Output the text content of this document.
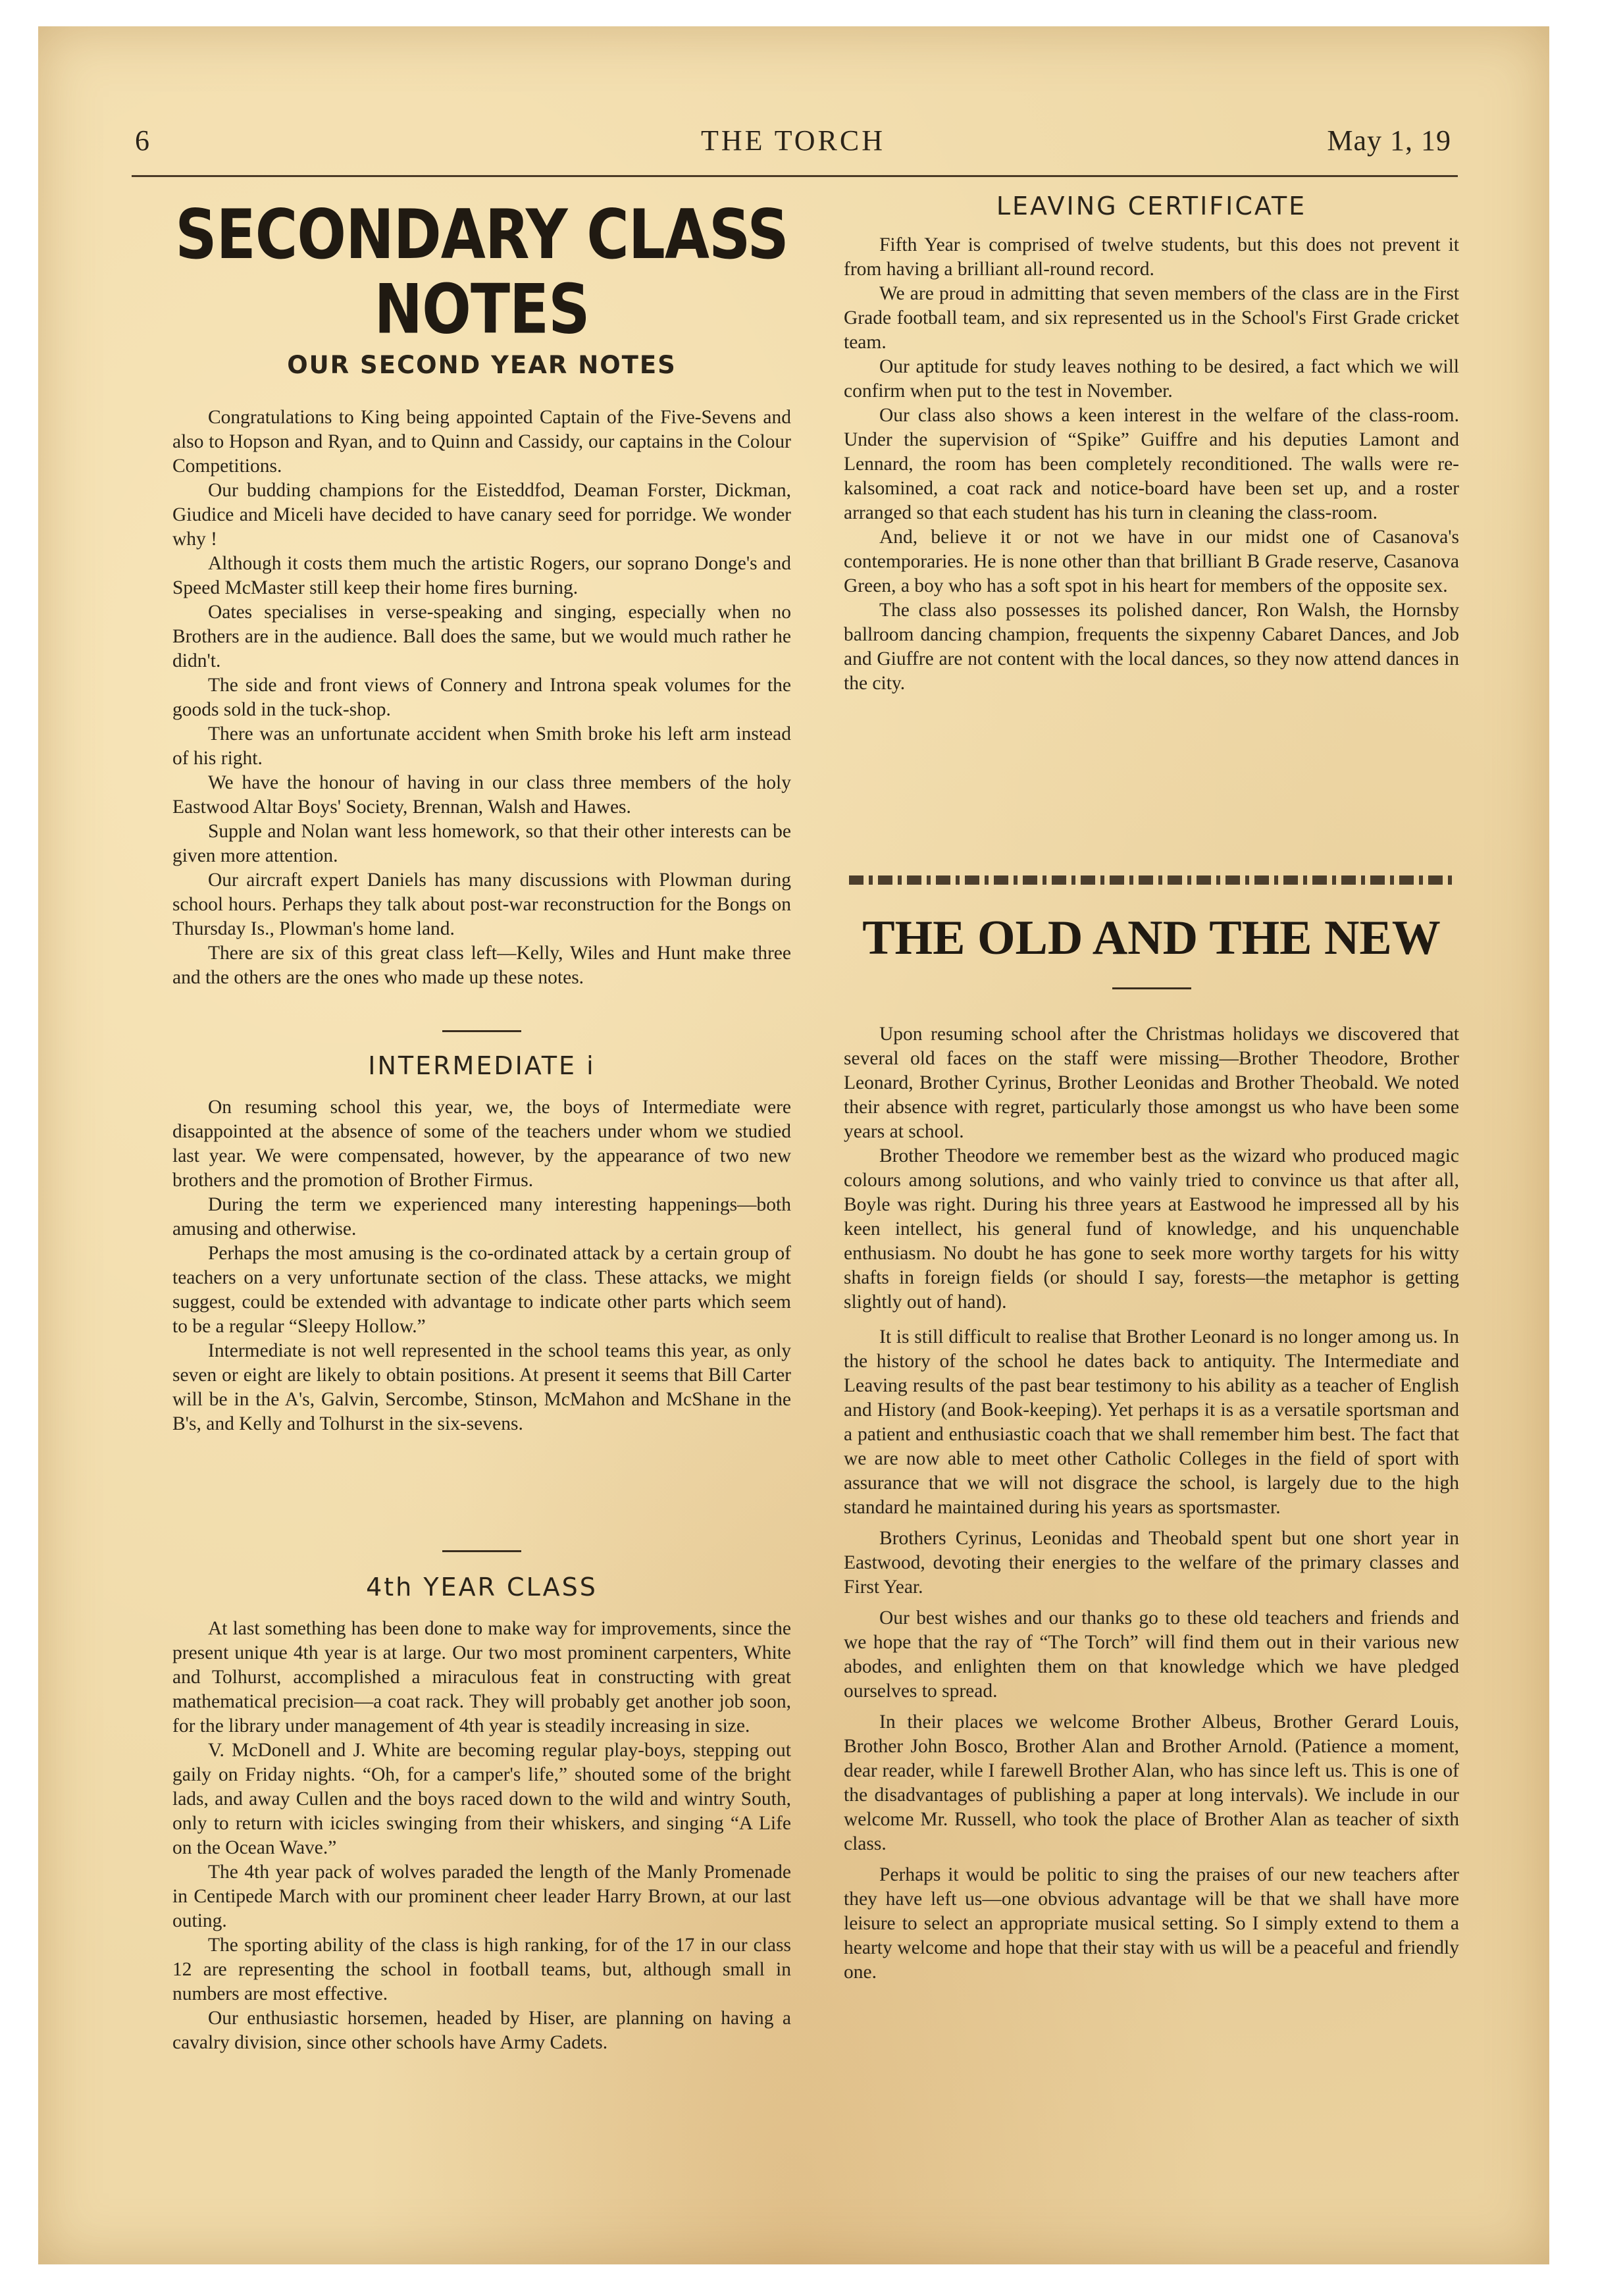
6	THE TORCH	May 1, 19
SECONDARY CLASS NOTES
OUR SECOND YEAR NOTES

Congratulations to King being appointed Captain of the Five-Sevens and also to Hopson and Ryan, and to Quinn and Cassidy, our captains in the Colour Competitions.

Our budding champions for the Eisteddfod, Deaman Forster, Dickman, Giudice and Miceli have decided to have canary seed for porridge. We wonder why !

Although it costs them much the artistic Rogers, our soprano Donge's and Speed McMaster still keep their home fires burning.

Oates specialises in verse-speaking and singing, especially when no Brothers are in the audience. Ball does the same, but we would much rather he didn't.

The side and front views of Connery and Introna speak volumes for the goods sold in the tuck-shop.

There was an unfortunate accident when Smith broke his left arm instead of his right.

We have the honour of having in our class three members of the holy Eastwood Altar Boys' Society, Brennan, Walsh and Hawes.

Supple and Nolan want less homework, so that their other interests can be given more attention.

Our aircraft expert Daniels has many discussions with Plowman during school hours. Perhaps they talk about post-war reconstruction for the Bongs on Thursday Is., Plowman's home land.

There are six of this great class left—Kelly, Wiles and Hunt make three and the others are the ones who made up these notes.

INTERMEDIATE i

On resuming school this year, we, the boys of Intermediate were disappointed at the absence of some of the teachers under whom we studied last year. We were compensated, however, by the appearance of two new brothers and the promotion of Brother Firmus.

During the term we experienced many interesting happenings—both amusing and otherwise.

Perhaps the most amusing is the co-ordinated attack by a certain group of teachers on a very unfortunate section of the class. These attacks, we might suggest, could be extended with advantage to indicate other parts which seem to be a regular “Sleepy Hollow.”

Intermediate is not well represented in the school teams this year, as only seven or eight are likely to obtain positions. At present it seems that Bill Carter will be in the A's, Galvin, Sercombe, Stinson, McMahon and McShane in the B's, and Kelly and Tolhurst in the six-sevens.

4th YEAR CLASS

At last something has been done to make way for improvements, since the present unique 4th year is at large. Our two most prominent carpenters, White and Tolhurst, accomplished a miraculous feat in constructing with great mathematical precision—a coat rack. They will probably get another job soon, for the library under management of 4th year is steadily increasing in size.

V. McDonell and J. White are becoming regular play-boys, stepping out gaily on Friday nights. “Oh, for a camper's life,” shouted some of the bright lads, and away Cullen and the boys raced down to the wild and wintry South, only to return with icicles swinging from their whiskers, and singing “A Life on the Ocean Wave.”

The 4th year pack of wolves paraded the length of the Manly Promenade in Centipede March with our prominent cheer leader Harry Brown, at our last outing.

The sporting ability of the class is high ranking, for of the 17 in our class 12 are representing the school in football teams, but, although small in numbers are most effective.

Our enthusiastic horsemen, headed by Hiser, are planning on having a cavalry division, since other schools have Army Cadets.

LEAVING CERTIFICATE

Fifth Year is comprised of twelve students, but this does not prevent it from having a brilliant all-round record.

We are proud in admitting that seven members of the class are in the First Grade football team, and six represented us in the School's First Grade cricket team.

Our aptitude for study leaves nothing to be desired, a fact which we will confirm when put to the test in November.

Our class also shows a keen interest in the welfare of the class-room. Under the supervision of “Spike” Guiffre and his deputies Lamont and Lennard, the room has been completely reconditioned. The walls were re-kalsomined, a coat rack and notice-board have been set up, and a roster arranged so that each student has his turn in cleaning the class-room.

And, believe it or not we have in our midst one of Casanova's contemporaries. He is none other than that brilliant B Grade reserve, Casanova Green, a boy who has a soft spot in his heart for members of the opposite sex.

The class also possesses its polished dancer, Ron Walsh, the Hornsby ballroom dancing champion, frequents the sixpenny Cabaret Dances, and Job and Giuffre are not content with the local dances, so they now attend dances in the city.

THE OLD AND THE NEW

Upon resuming school after the Christmas holidays we discovered that several old faces on the staff were missing—Brother Theodore, Brother Leonard, Brother Cyrinus, Brother Leonidas and Brother Theobald. We noted their absence with regret, particularly those amongst us who have been some years at school.

Brother Theodore we remember best as the wizard who produced magic colours among solutions, and who vainly tried to convince us that after all, Boyle was right. During his three years at Eastwood he impressed all by his keen intellect, his general fund of knowledge, and his unquenchable enthusiasm. No doubt he has gone to seek more worthy targets for his witty shafts in foreign fields (or should I say, forests—the metaphor is getting slightly out of hand).

It is still difficult to realise that Brother Leonard is no longer among us. In the history of the school he dates back to antiquity. The Intermediate and Leaving results of the past bear testimony to his ability as a teacher of English and History (and Book-keeping). Yet perhaps it is as a versatile sportsman and a patient and enthusiastic coach that we shall remember him best. The fact that we are now able to meet other Catholic Colleges in the field of sport with assurance that we will not disgrace the school, is largely due to the high standard he maintained during his years as sportsmaster.

Brothers Cyrinus, Leonidas and Theobald spent but one short year in Eastwood, devoting their energies to the welfare of the primary classes and First Year.

Our best wishes and our thanks go to these old teachers and friends and we hope that the ray of “The Torch” will find them out in their various new abodes, and enlighten them on that knowledge which we have pledged ourselves to spread.

In their places we welcome Brother Albeus, Brother Gerard Louis, Brother John Bosco, Brother Alan and Brother Arnold. (Patience a moment, dear reader, while I farewell Brother Alan, who has since left us. This is one of the disadvantages of publishing a paper at long intervals). We include in our welcome Mr. Russell, who took the place of Brother Alan as teacher of sixth class.

Perhaps it would be politic to sing the praises of our new teachers after they have left us—one obvious advantage will be that we shall have more leisure to select an appropriate musical setting. So I simply extend to them a hearty welcome and hope that their stay with us will be a peaceful and friendly one.
